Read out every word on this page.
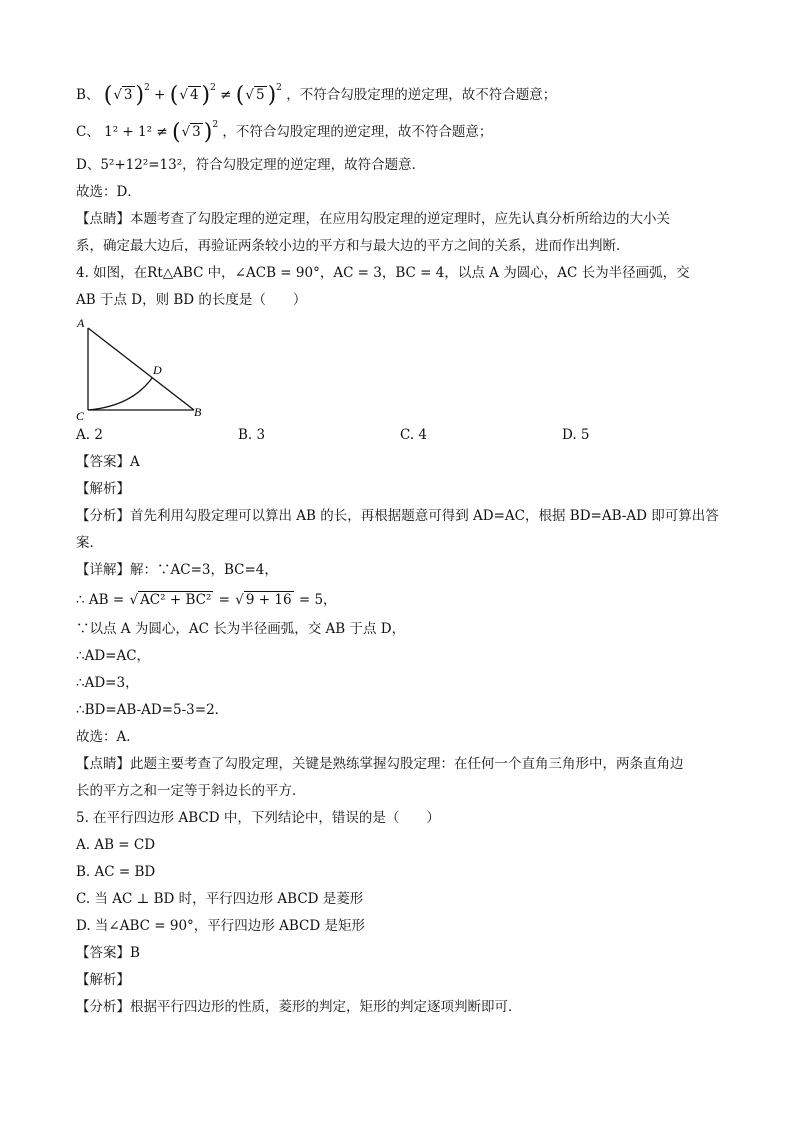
B、 (√ 3 )$^2$ + (√ 4 )$^2$ ≠ (√ 5 )$^2$ ，不符合勾股定理的逆定理，故不符合题意；
C、 1² + 1² ≠ (√ 3 )$^2$ ，不符合勾股定理的逆定理，故不符合题意；
D、5²+12²=13²，符合勾股定理的逆定理，故符合题意．
故选：D．
【点睛】本题考查了勾股定理的逆定理，在应用勾股定理的逆定理时，应先认真分析所给边的大小关
系，确定最大边后，再验证两条较小边的平方和与最大边的平方之间的关系，进而作出判断．
4. 如图，在Rt△ABC 中，∠ACB = 90°，AC = 3，BC = 4，以点 A 为圆心，AC 长为半径画弧，交
AB 于点 D，则 BD 的长度是（　　）
A
D
C	B
A. 2	B. 3	C. 4	D. 5
【答案】A
【解析】
【分析】首先利用勾股定理可以算出 AB 的长，再根据题意可得到 AD=AC，根据 BD=AB-AD 即可算出答
案．
【详解】解：∵AC=3，BC=4，
∴ AB = √ AC² + BC² = √ 9 + 16 = 5，
∵以点 A 为圆心，AC 长为半径画弧，交 AB 于点 D，
∴AD=AC，
∴AD=3，
∴BD=AB-AD=5-3=2．
故选：A．
【点睛】此题主要考查了勾股定理，关键是熟练掌握勾股定理：在任何一个直角三角形中，两条直角边
长的平方之和一定等于斜边长的平方．
5. 在平行四边形 ABCD 中，下列结论中，错误的是（　　）
A. AB = CD
B. AC = BD
C. 当 AC ⊥ BD 时，平行四边形 ABCD 是菱形
D. 当∠ABC = 90°，平行四边形 ABCD 是矩形
【答案】B
【解析】
【分析】根据平行四边形的性质，菱形的判定，矩形的判定逐项判断即可．
